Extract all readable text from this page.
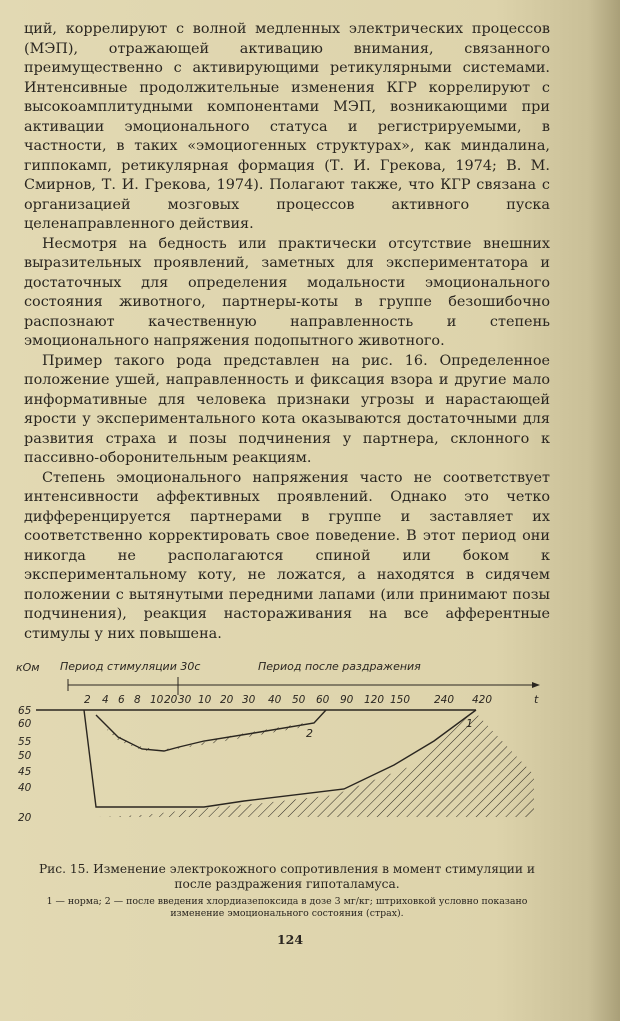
ций, коррелируют с волной медленных электрических процессов (МЭП), отражающей активацию внимания, связанного преимущественно с активирующими ретикулярными системами. Интенсивные продолжительные изменения КГР коррелируют с высокоамплитудными компонентами МЭП, возникающими при активации эмоционального статуса и регистрируемыми, в частности, в таких «эмоциогенных структурах», как миндалина, гиппокамп, ретикулярная формация (Т. И. Грекова, 1974; В. М. Смирнов, Т. И. Грекова, 1974). Полагают также, что КГР связана с организацией мозговых процессов активного пуска целенаправленного действия.

Несмотря на бедность или практически отсутствие внешних выразительных проявлений, заметных для экспериментатора и достаточных для определения модальности эмоционального состояния животного, партнеры-коты в группе безошибочно распознают качественную направленность и степень эмоционального напряжения подопытного животного.

Пример такого рода представлен на рис. 16. Определенное положение ушей, направленность и фиксация взора и другие мало информативные для человека признаки угрозы и нарастающей ярости у экспериментального кота оказываются достаточными для развития страха и позы подчинения у партнера, склонного к пассивно-оборонительным реакциям.

Степень эмоционального напряжения часто не соответствует интенсивности аффективных проявлений. Однако это четко дифференцируется партнерами в группе и заставляет их соответственно корректировать свое поведение. В этот период они никогда не располагаются спиной или боком к экспериментальному коту, не ложатся, а находятся в сидячем положении с вытянутыми передними лапами (или принимают позы подчинения), реакция настораживания на все афферентные стимулы у них повышена.

кОм Период стимуляции 30с	Период после раздражения
t
1
2
65
60
55
50
45
40
20
2 4 6 8 10 20 30 10 20 30 40 50 60 90 120 150 240 420
Рис. 15. Изменение электрокожного сопротивления в момент стимуляции и после раздражения гипоталамуса.
1 — норма; 2 — после введения хлордиазепоксида в дозе 3 мг/кг; штриховкой условно показано изменение эмоционального состояния (страх).
124
